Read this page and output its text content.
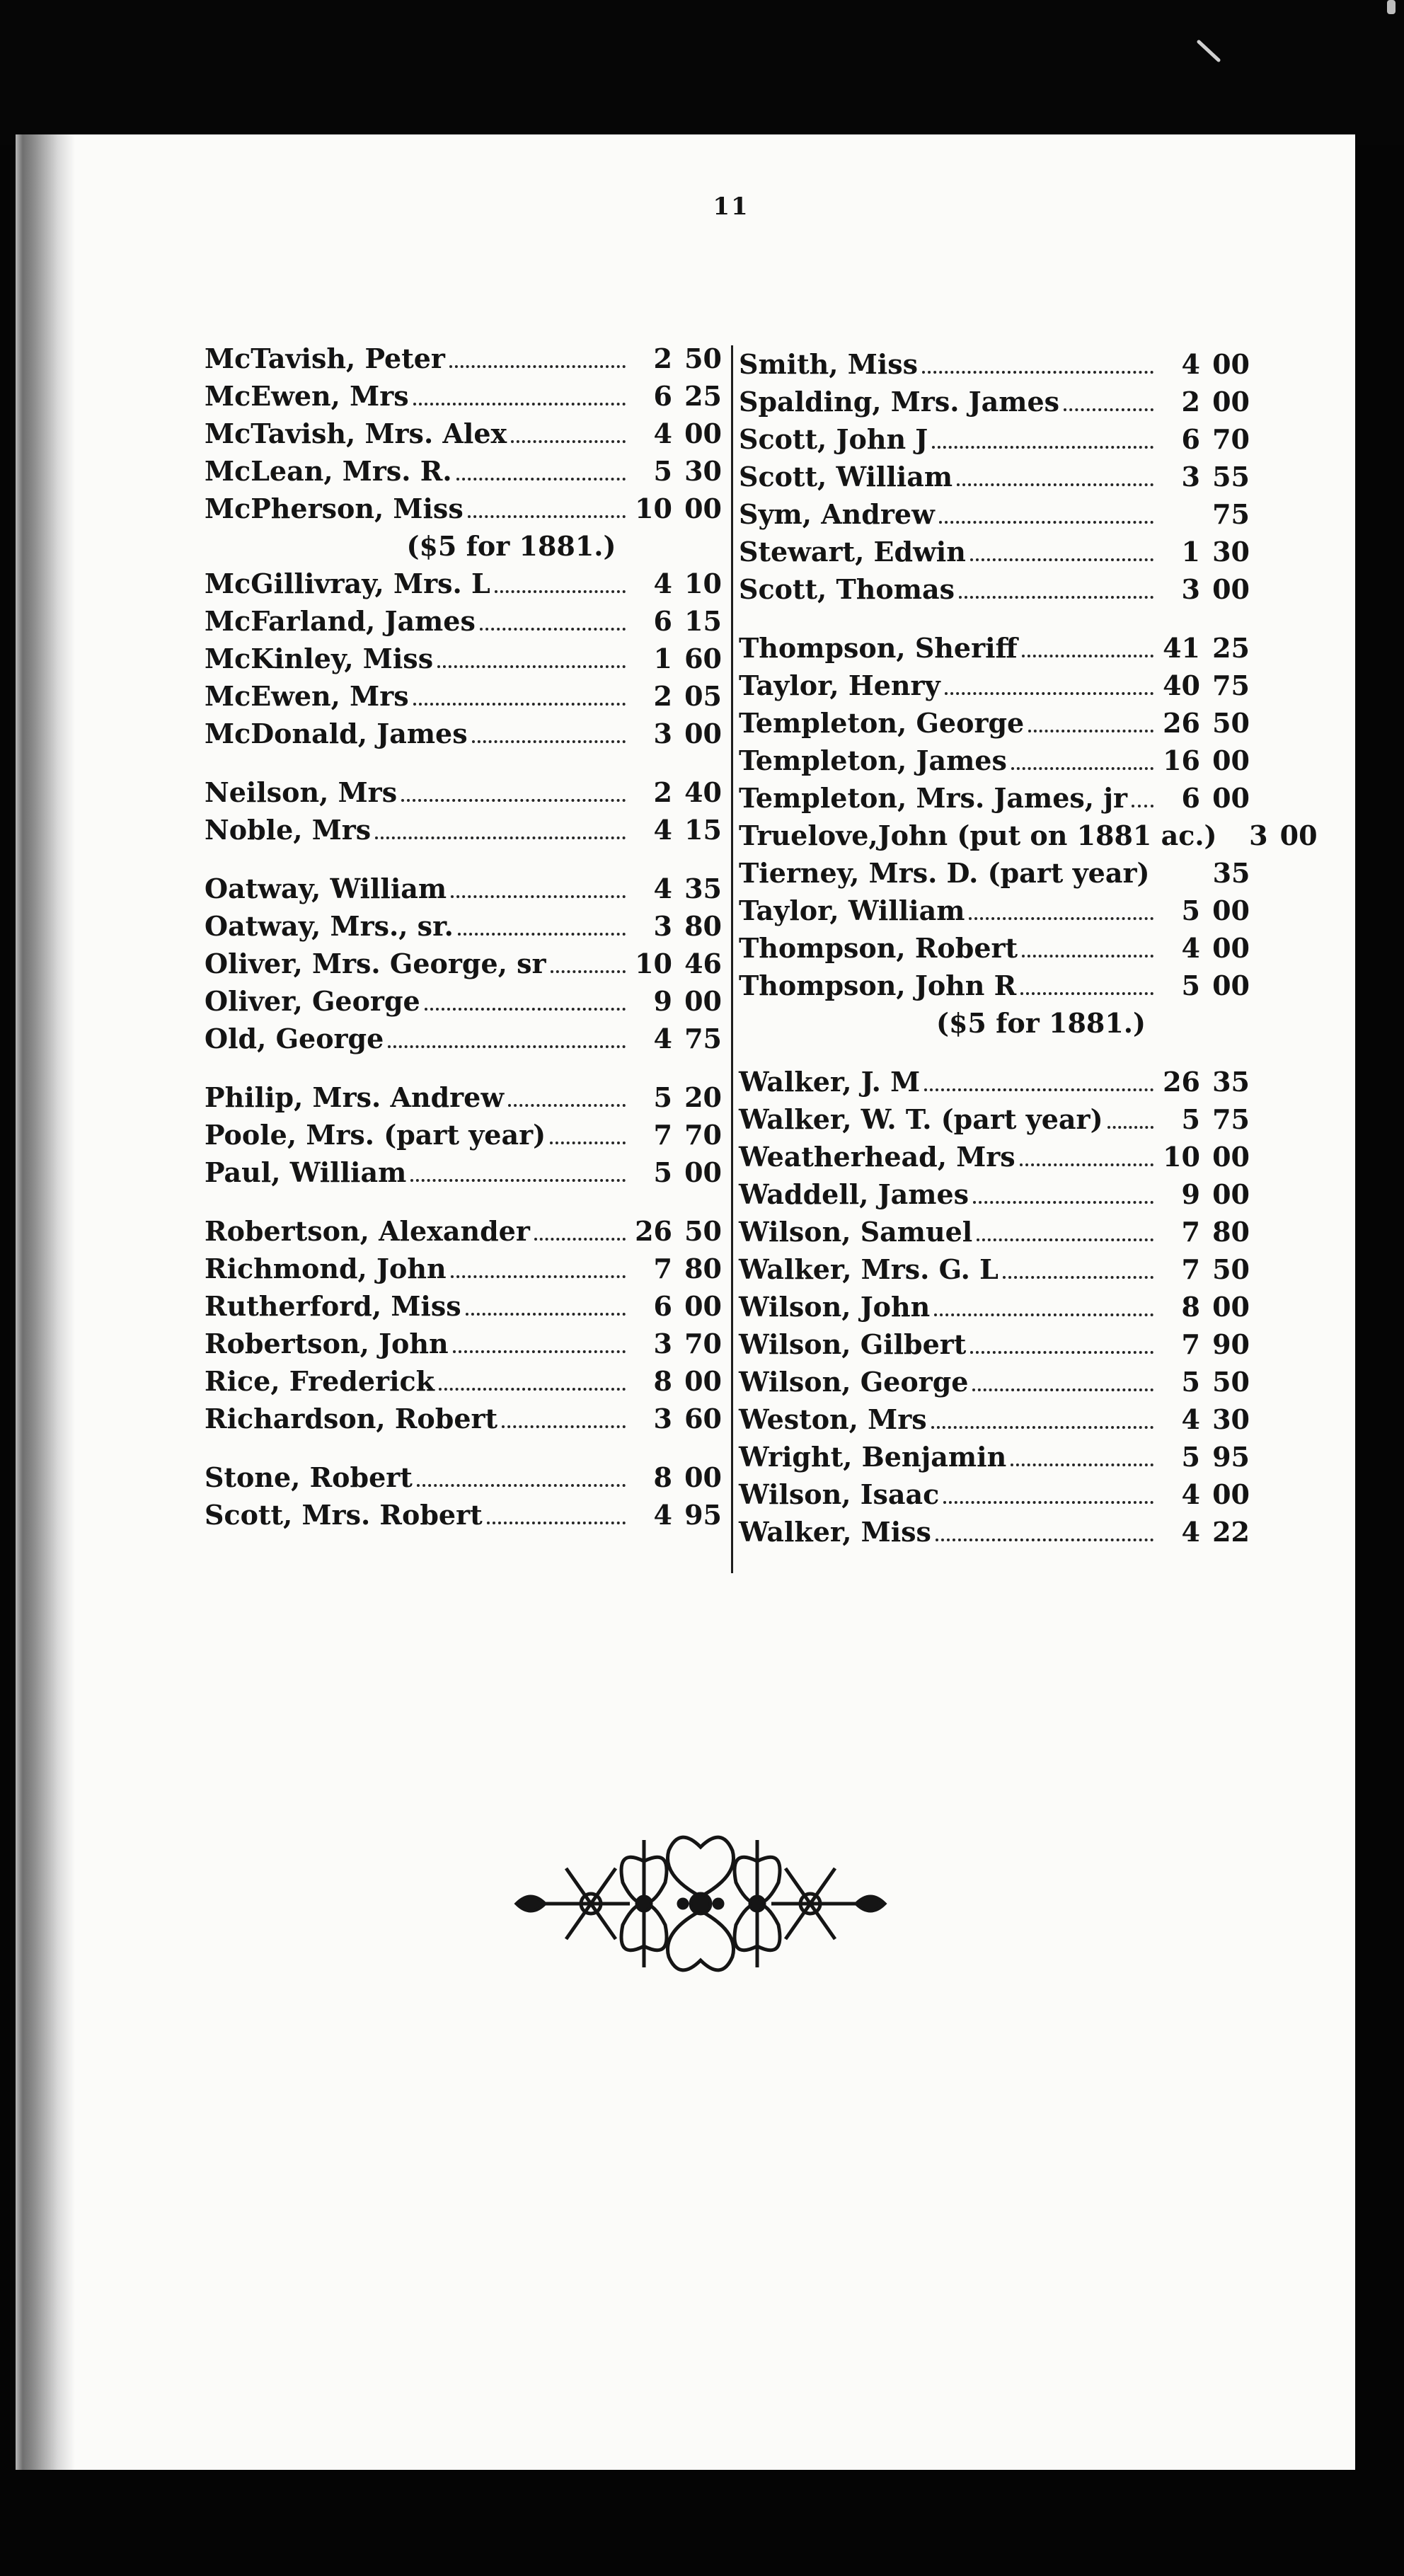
11
McTavish, Peter	2 50
McEwen, Mrs	6 25
McTavish, Mrs. Alex	4 00
McLean, Mrs. R.	5 30
McPherson, Miss	10 00
($5 for 1881.)
McGillivray, Mrs. L	4 10
McFarland, James	6 15
McKinley, Miss	1 60
McEwen, Mrs	2 05
McDonald, James	3 00
Neilson, Mrs	2 40
Noble, Mrs	4 15
Oatway, William	4 35
Oatway, Mrs., sr.	3 80
Oliver, Mrs. George, sr	10 46
Oliver, George	9 00
Old, George	4 75
Philip, Mrs. Andrew	5 20
Poole, Mrs. (part year)	7 70
Paul, William	5 00
Robertson, Alexander	26 50
Richmond, John	7 80
Rutherford, Miss	6 00
Robertson, John	3 70
Rice, Frederick	8 00
Richardson, Robert	3 60
Stone, Robert	8 00
Scott, Mrs. Robert	4 95
Smith, Miss	4 00
Spalding, Mrs. James	2 00
Scott, John J	6 70
Scott, William	3 55
Sym, Andrew	75
Stewart, Edwin	1 30
Scott, Thomas	3 00
Thompson, Sheriff	41 25
Taylor, Henry	40 75
Templeton, George	26 50
Templeton, James	16 00
Templeton, Mrs. James, jr	6 00
Truelove,John (put on 1881 ac.)	3 00
Tierney, Mrs. D. (part year)	35
Taylor, William	5 00
Thompson, Robert	4 00
Thompson, John R	5 00
($5 for 1881.)
Walker, J. M	26 35
Walker, W. T. (part year)	5 75
Weatherhead, Mrs	10 00
Waddell, James	9 00
Wilson, Samuel	7 80
Walker, Mrs. G. L	7 50
Wilson, John	8 00
Wilson, Gilbert	7 90
Wilson, George	5 50
Weston, Mrs	4 30
Wright, Benjamin	5 95
Wilson, Isaac	4 00
Walker, Miss	4 22
